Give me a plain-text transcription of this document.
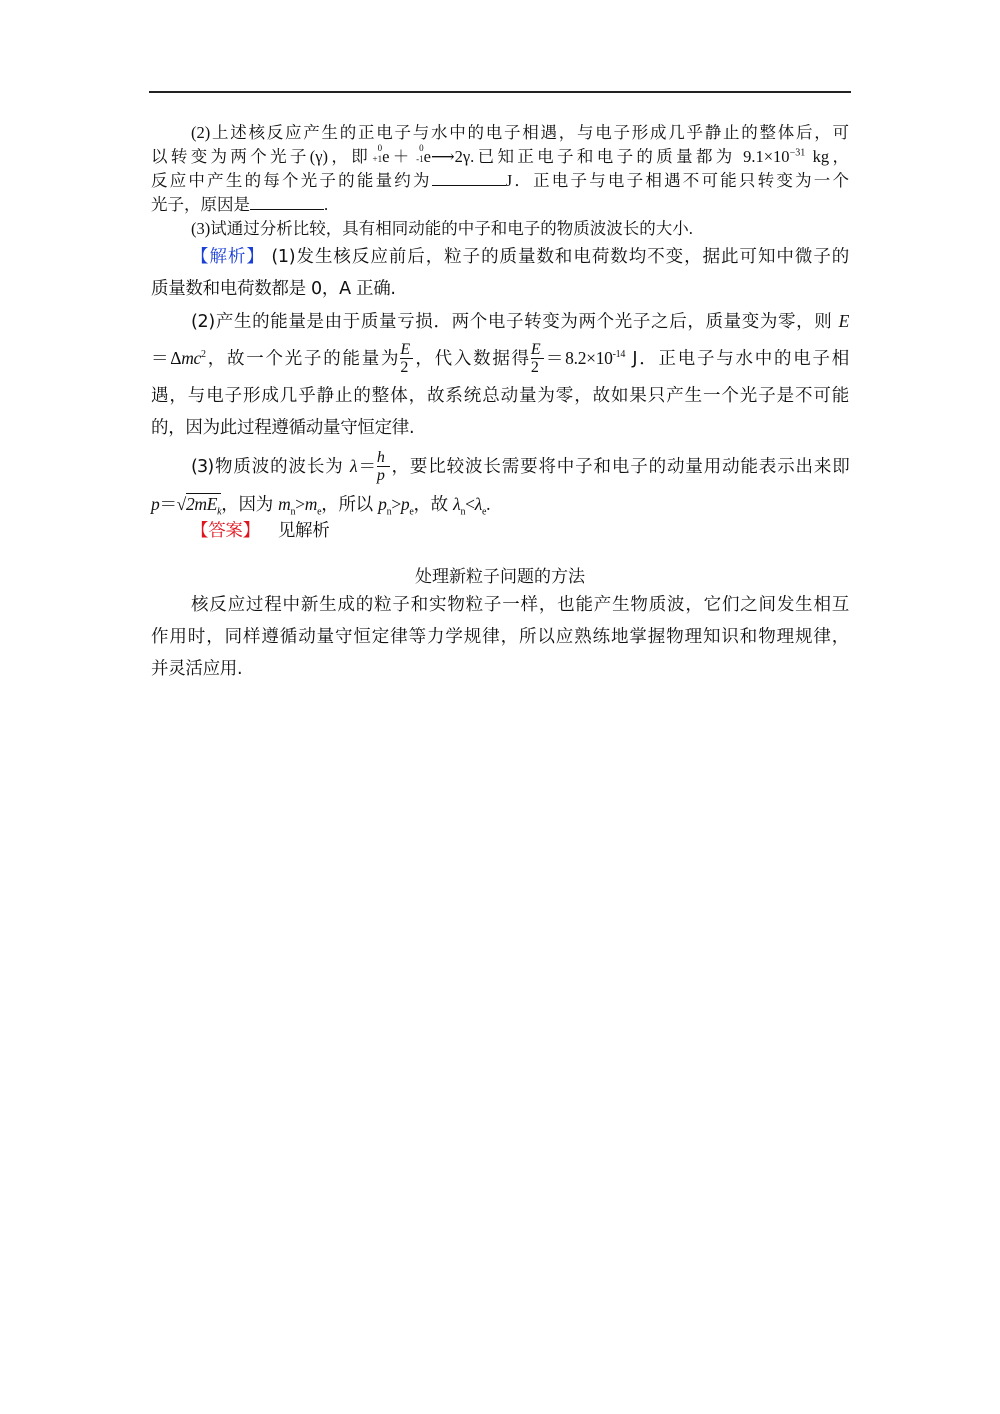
(2)上述核反应产生的正电子与水中的电子相遇，与电子形成几乎静止的整体后，可
以转变为两个光子(γ)，即 0
+1 e＋ 0
-1 e⟶2γ.已知正电子和电子的质量都为 $9.1\times 10^{-31}$ kg，
反应中产生的每个光子的能量约为	J．正电子与电子相遇不可能只转变为一个
光子，原因是	.
(3)试通过分析比较，具有相同动能的中子和电子的物质波波长的大小.
【解析】 (1)发生核反应前后，粒子的质量数和电荷数均不变，据此可知中微子的
质量数和电荷数都是 0，A 正确.
(2)产生的能量是由于质量亏损．两个电子转变为两个光子之后，质量变为零，则 E
＝Δmc$^2$，故一个光子的能量为 $\frac{E}{2}$ ，代入数据得 $\frac{E}{2} =8.2\times 10^{-14}$ J．正电子与水中的电子相
遇，与电子形成几乎静止的整体，故系统总动量为零，故如果只产生一个光子是不可能
的，因为此过程遵循动量守恒定律.
(3)物质波的波长为 $\lambda= \frac{h}{p}$ ，要比较波长需要将中子和电子的动量用动能表示出来即
$p=√2mE_k$，因为 $m_n>m_e$，所以 $p_n>p_e$，故 $\lambda_n<\lambda_e$.
【答案】 见解析
处理新粒子问题的方法
核反应过程中新生成的粒子和实物粒子一样，也能产生物质波，它们之间发生相互
作用时，同样遵循动量守恒定律等力学规律，所以应熟练地掌握物理知识和物理规律，
并灵活应用.
